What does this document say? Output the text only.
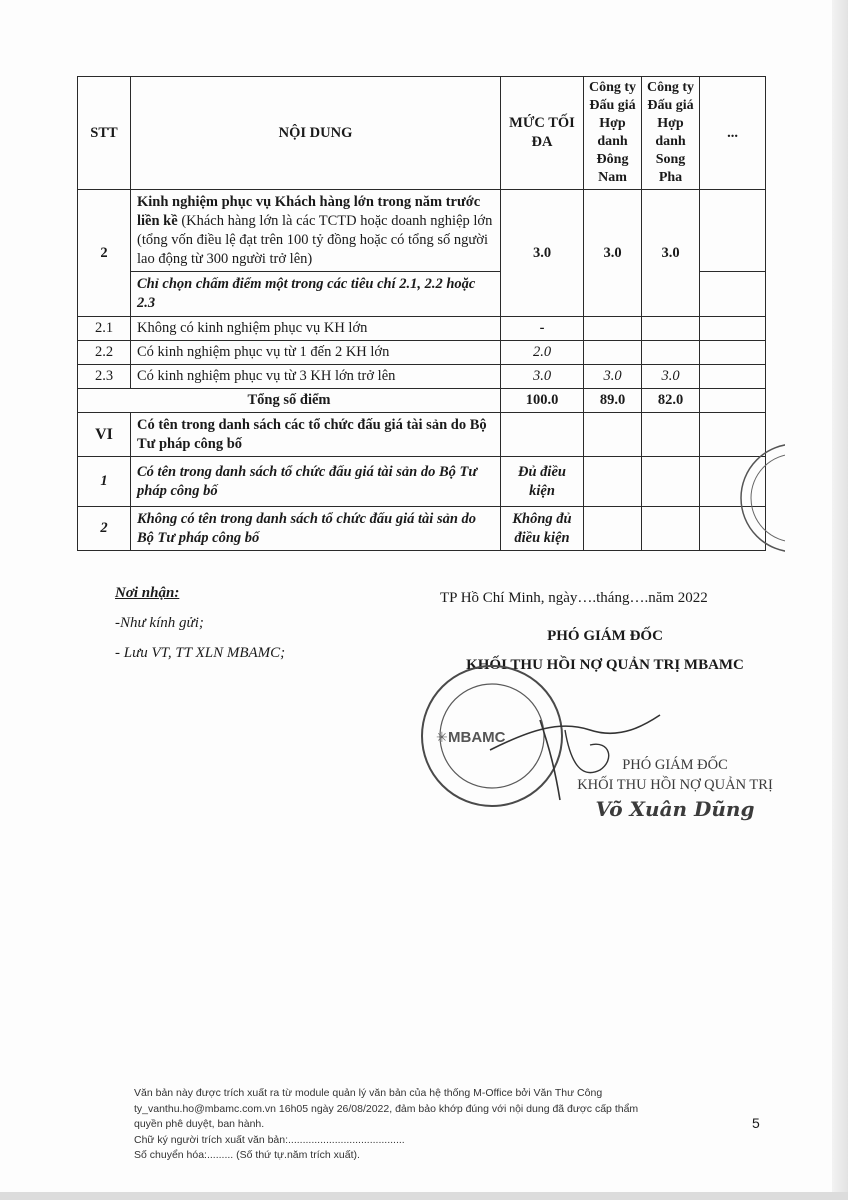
STT	NỘI DUNG	MỨC TỐI ĐA	Công ty Đấu giá Hợp danh Đông Nam	Công ty Đấu giá Hợp danh Song Pha	...
2	Kinh nghiệm phục vụ Khách hàng lớn trong năm trước liền kề (Khách hàng lớn là các TCTD hoặc doanh nghiệp lớn (tổng vốn điều lệ đạt trên 100 tỷ đồng hoặc có tổng số người lao động từ 300 người trở lên)	3.0	3.0	3.0	
	Chỉ chọn chấm điểm một trong các tiêu chí 2.1, 2.2 hoặc 2.3				
2.1	Không có kinh nghiệm phục vụ KH lớn	-			
2.2	Có kinh nghiệm phục vụ từ 1 đến 2 KH lớn	2.0			
2.3	Có kinh nghiệm phục vụ từ 3 KH lớn trở lên	3.0	3.0	3.0	
Tổng số điểm		100.0	89.0	82.0	
VI	Có tên trong danh sách các tổ chức đấu giá tài sản do Bộ Tư pháp công bố				
1	Có tên trong danh sách tổ chức đấu giá tài sản do Bộ Tư pháp công bố	Đủ điều kiện			
2	Không có tên trong danh sách tổ chức đấu giá tài sản do Bộ Tư pháp công bố	Không đủ điều kiện			
Nơi nhận:
-Như kính gửi;
- Lưu VT, TT XLN MBAMC;
TP Hồ Chí Minh, ngày….tháng….năm 2022
PHÓ GIÁM ĐỐC
KHỐI THU HỒI NỢ QUẢN TRỊ MBAMC
MBAMC
✳
PHÓ GIÁM ĐỐC
KHỐI THU HỒI NỢ QUẢN TRỊ
Võ Xuân Dũng
Văn bản này được trích xuất ra từ module quản lý văn bản của hệ thống M-Office bởi Văn Thư Công
ty_vanthu.ho@mbamc.com.vn 16h05 ngày 26/08/2022, đảm bảo khớp đúng với nội dung đã được cấp thẩm
quyền phê duyệt, ban hành.
Chữ ký người trích xuất văn bản:........................................
Số chuyển hóa:......... (Số thứ tự.năm trích xuất).
5
